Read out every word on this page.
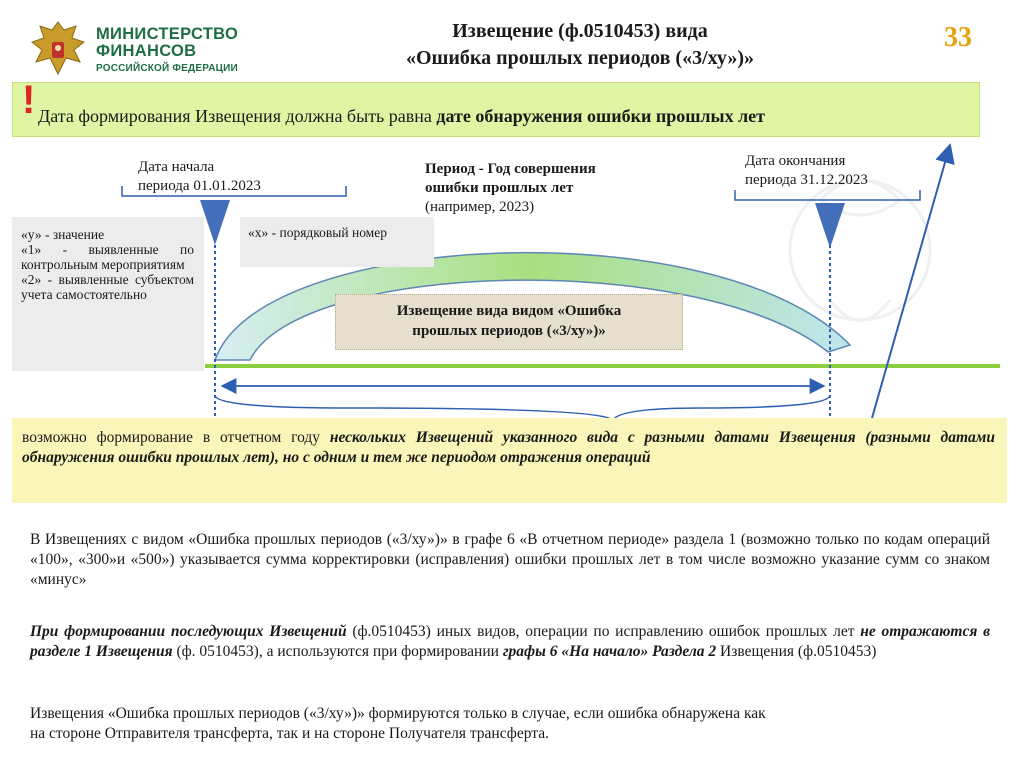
МИНИСТЕРСТВО
ФИНАНСОВ
РОССИЙСКОЙ ФЕДЕРАЦИИ
Извещение (ф.0510453) вида
«Ошибка прошлых периодов («3/ху»)»
33
! Дата формирования Извещения должна быть равна дате обнаружения ошибки прошлых лет
Дата начала
периода 01.01.2023
Дата окончания
периода 31.12.2023
Период - Год совершения
ошибки прошлых лет
(например, 2023)
«у» - значение
«1» - выявленные по контрольным мероприятиям
«2» - выявленные субъектом учета самостоятельно
«х» - порядковый номер
Извещение вида видом «Ошибка
прошлых периодов («3/ху»)»
возможно формирование в отчетном году нескольких Извещений указанного вида с разными датами Извещения (разными датами обнаружения ошибки прошлых лет), но с одним и тем же периодом отражения операций
В Извещениях с видом «Ошибка прошлых периодов («3/ху»)» в графе 6 «В отчетном периоде» раздела 1 (возможно только по кодам операций «100», «300»и «500») указывается сумма корректировки (исправления) ошибки прошлых лет в том числе возможно указание сумм со знаком «минус»
При формировании последующих Извещений (ф.0510453) иных видов, операции по исправлению ошибок прошлых лет не отражаются в разделе 1 Извещения (ф. 0510453), а используются при формировании графы 6 «На начало» Раздела 2 Извещения (ф.0510453)
Извещения «Ошибка прошлых периодов («3/ху»)» формируются только в случае, если ошибка обнаружена как
на стороне Отправителя трансферта, так и на стороне Получателя трансферта.
